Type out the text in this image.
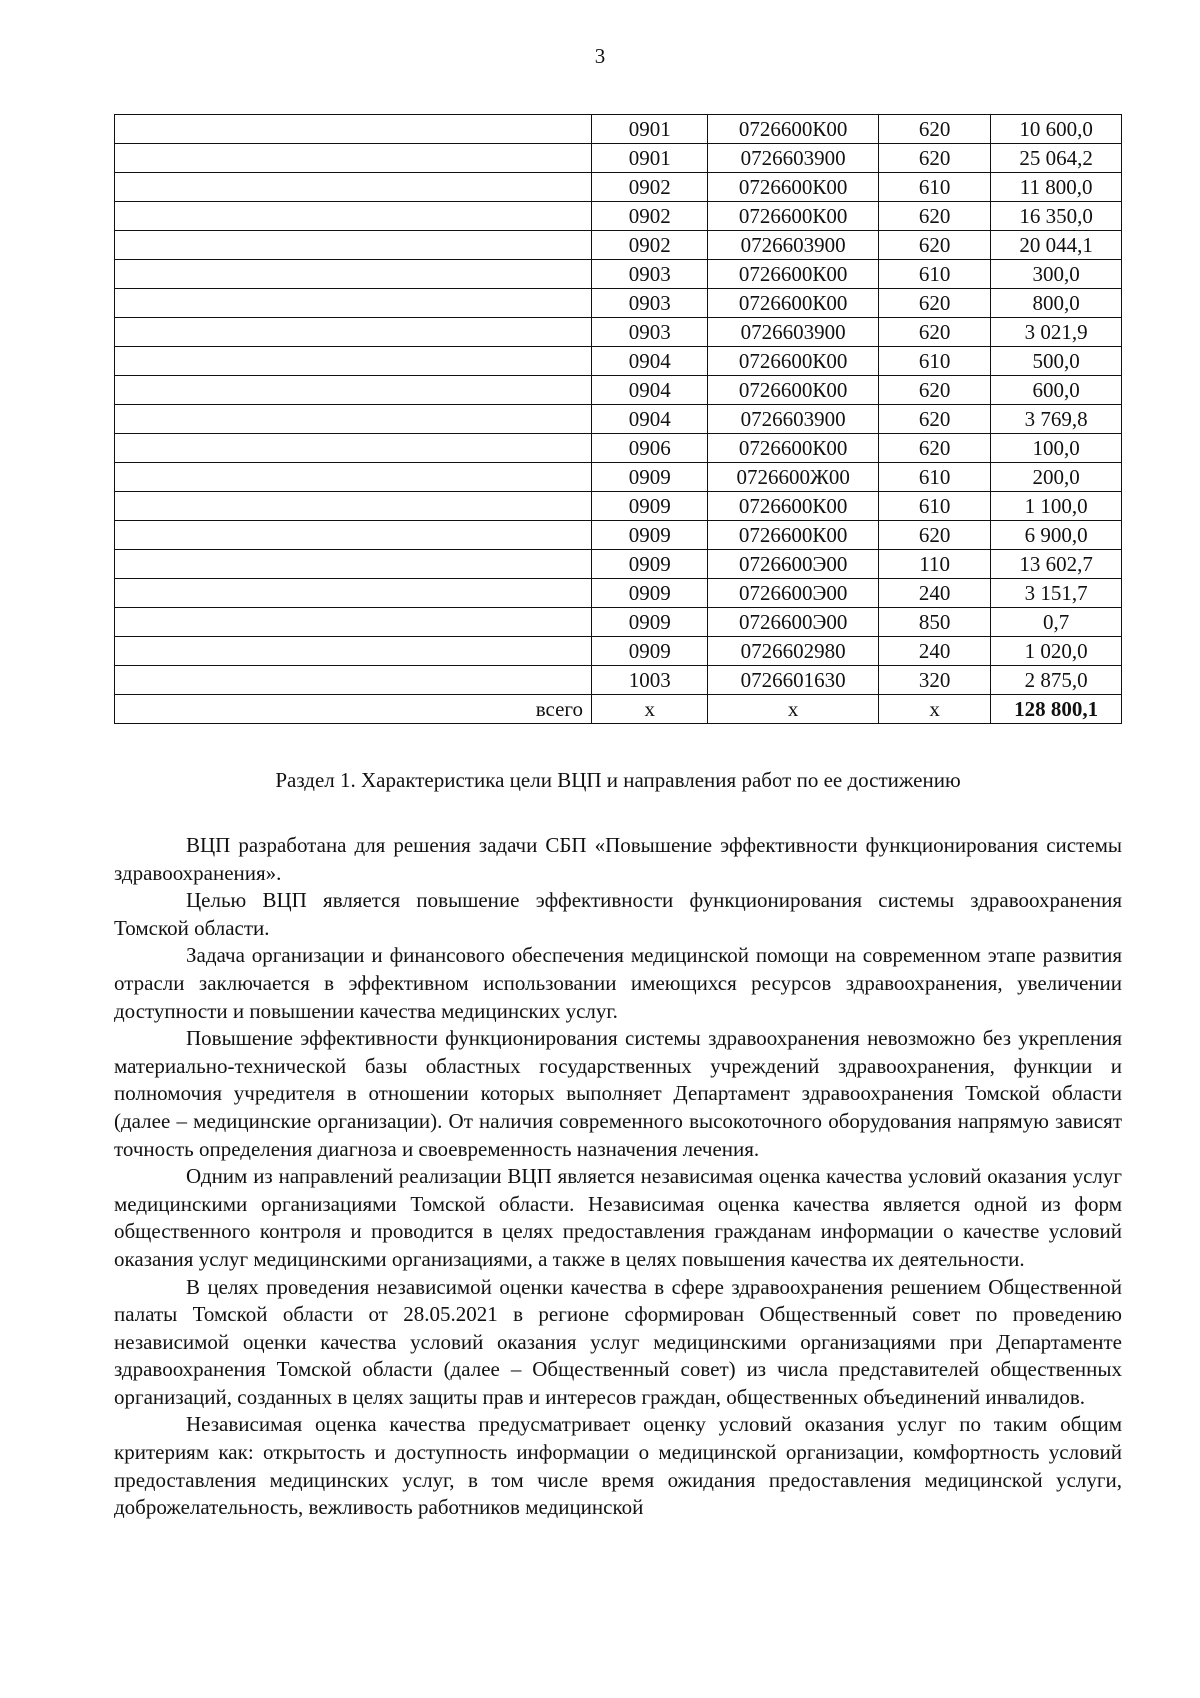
3
	0901	0726600К00	620	10 600,0
	0901	0726603900	620	25 064,2
	0902	0726600К00	610	11 800,0
	0902	0726600К00	620	16 350,0
	0902	0726603900	620	20 044,1
	0903	0726600К00	610	300,0
	0903	0726600К00	620	800,0
	0903	0726603900	620	3 021,9
	0904	0726600К00	610	500,0
	0904	0726600К00	620	600,0
	0904	0726603900	620	3 769,8
	0906	0726600К00	620	100,0
	0909	0726600Ж00	610	200,0
	0909	0726600К00	610	1 100,0
	0909	0726600К00	620	6 900,0
	0909	0726600Э00	110	13 602,7
	0909	0726600Э00	240	3 151,7
	0909	0726600Э00	850	0,7
	0909	0726602980	240	1 020,0
	1003	0726601630	320	2 875,0
всего	х	х	х	128 800,1
Раздел 1. Характеристика цели ВЦП и направления работ по ее достижению

ВЦП разработана для решения задачи СБП «Повышение эффективности функционирования системы здравоохранения».

Целью ВЦП является повышение эффективности функционирования системы здравоохранения Томской области.

Задача организации и финансового обеспечения медицинской помощи на современном этапе развития отрасли заключается в эффективном использовании имеющихся ресурсов здравоохранения, увеличении доступности и повышении качества медицинских услуг.

Повышение эффективности функционирования системы здравоохранения невозможно без укрепления материально-технической базы областных государственных учреждений здравоохранения, функции и полномочия учредителя в отношении которых выполняет Департамент здравоохранения Томской области (далее – медицинские организации). От наличия современного высокоточного оборудования напрямую зависят точность определения диагноза и своевременность назначения лечения.

Одним из направлений реализации ВЦП является независимая оценка качества условий оказания услуг медицинскими организациями Томской области. Независимая оценка качества является одной из форм общественного контроля и проводится в целях предоставления гражданам информации о качестве условий оказания услуг медицинскими организациями, а также в целях повышения качества их деятельности.

В целях проведения независимой оценки качества в сфере здравоохранения решением Общественной палаты Томской области от 28.05.2021 в регионе сформирован Общественный совет по проведению независимой оценки качества условий оказания услуг медицинскими организациями при Департаменте здравоохранения Томской области (далее – Общественный совет) из числа представителей общественных организаций, созданных в целях защиты прав и интересов граждан, общественных объединений инвалидов.

Независимая оценка качества предусматривает оценку условий оказания услуг по таким общим критериям как: открытость и доступность информации о медицинской организации, комфортность условий предоставления медицинских услуг, в том числе время ожидания предоставления медицинской услуги, доброжелательность, вежливость работников медицинской
